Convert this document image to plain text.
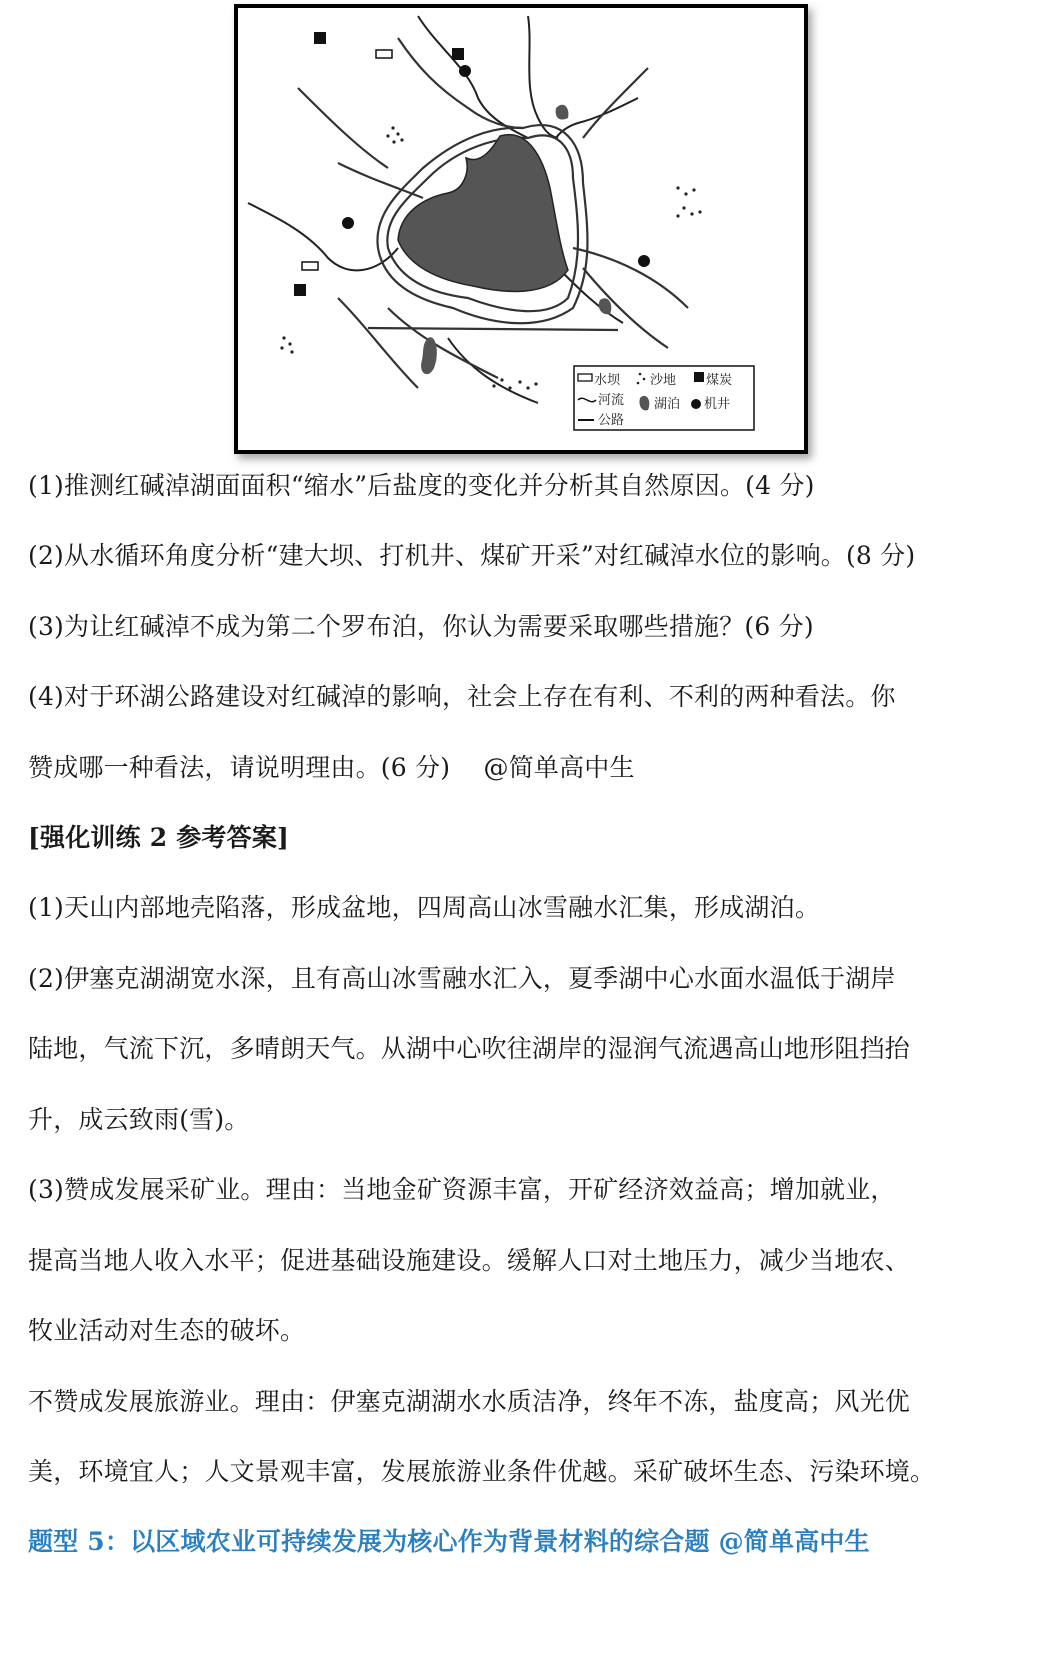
水坝 沙地 煤炭
河流 湖泊 机井
公路
(1)推测红碱淖湖面面积“缩水”后盐度的变化并分析其自然原因。(4 分)
(2)从水循环角度分析“建大坝、打机井、煤矿开采”对红碱淖水位的影响。(8 分)
(3)为让红碱淖不成为第二个罗布泊，你认为需要采取哪些措施？(6 分)
(4)对于环湖公路建设对红碱淖的影响，社会上存在有利、不利的两种看法。你
赞成哪一种看法，请说明理由。(6 分)　 @简单高中生
[强化训练 2 参考答案]
(1)天山内部地壳陷落，形成盆地，四周高山冰雪融水汇集，形成湖泊。
(2)伊塞克湖湖宽水深，且有高山冰雪融水汇入，夏季湖中心水面水温低于湖岸
陆地，气流下沉，多晴朗天气。从湖中心吹往湖岸的湿润气流遇高山地形阻挡抬
升，成云致雨(雪)。
(3)赞成发展采矿业。理由：当地金矿资源丰富，开矿经济效益高；增加就业，
提高当地人收入水平；促进基础设施建设。缓解人口对土地压力，减少当地农、
牧业活动对生态的破坏。
不赞成发展旅游业。理由：伊塞克湖湖水水质洁净，终年不冻，盐度高；风光优
美，环境宜人；人文景观丰富，发展旅游业条件优越。采矿破坏生态、污染环境。
题型 5：以区域农业可持续发展为核心作为背景材料的综合题 @简单高中生
